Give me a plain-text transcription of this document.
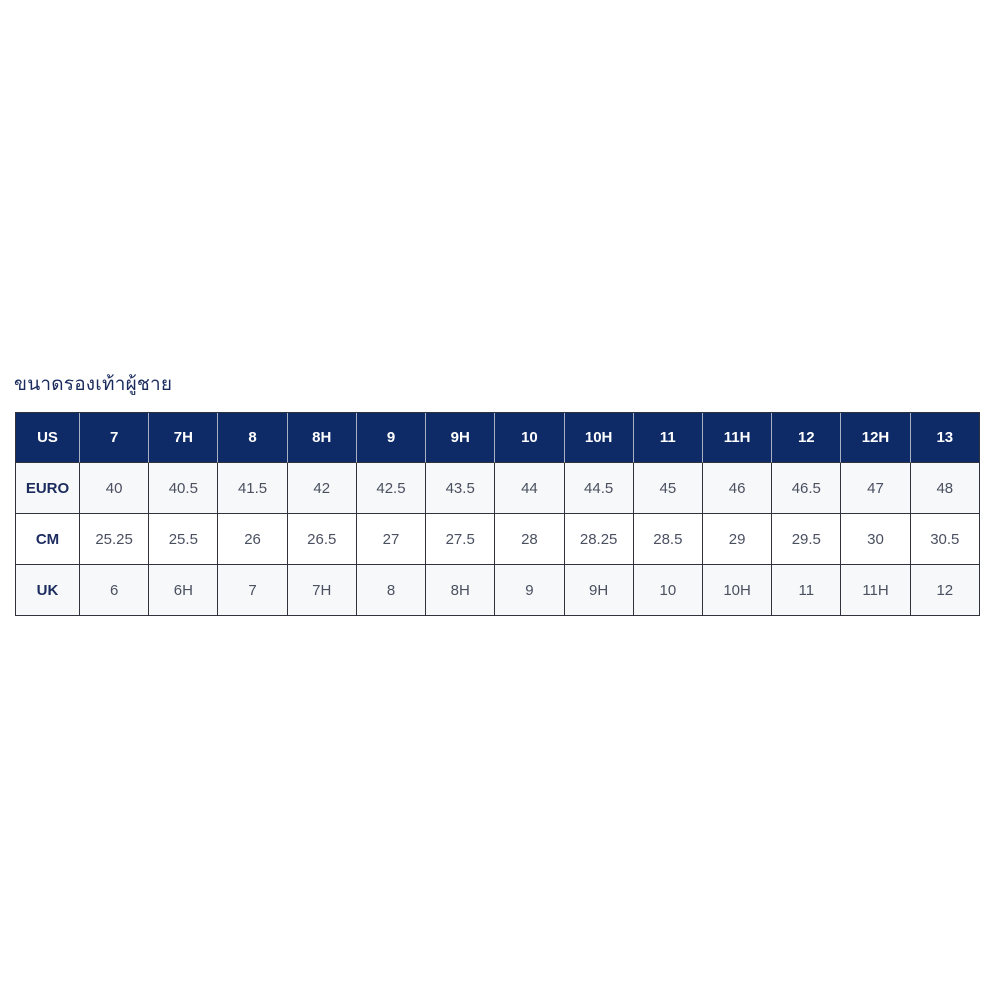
ขนาดรองเท้าผู้ชาย
US	7	7H	8	8H	9	9H	10	10H	11	11H	12	12H	13
EURO	40	40.5	41.5	42	42.5	43.5	44	44.5	45	46	46.5	47	48
CM	25.25	25.5	26	26.5	27	27.5	28	28.25	28.5	29	29.5	30	30.5
UK	6	6H	7	7H	8	8H	9	9H	10	10H	11	11H	12
